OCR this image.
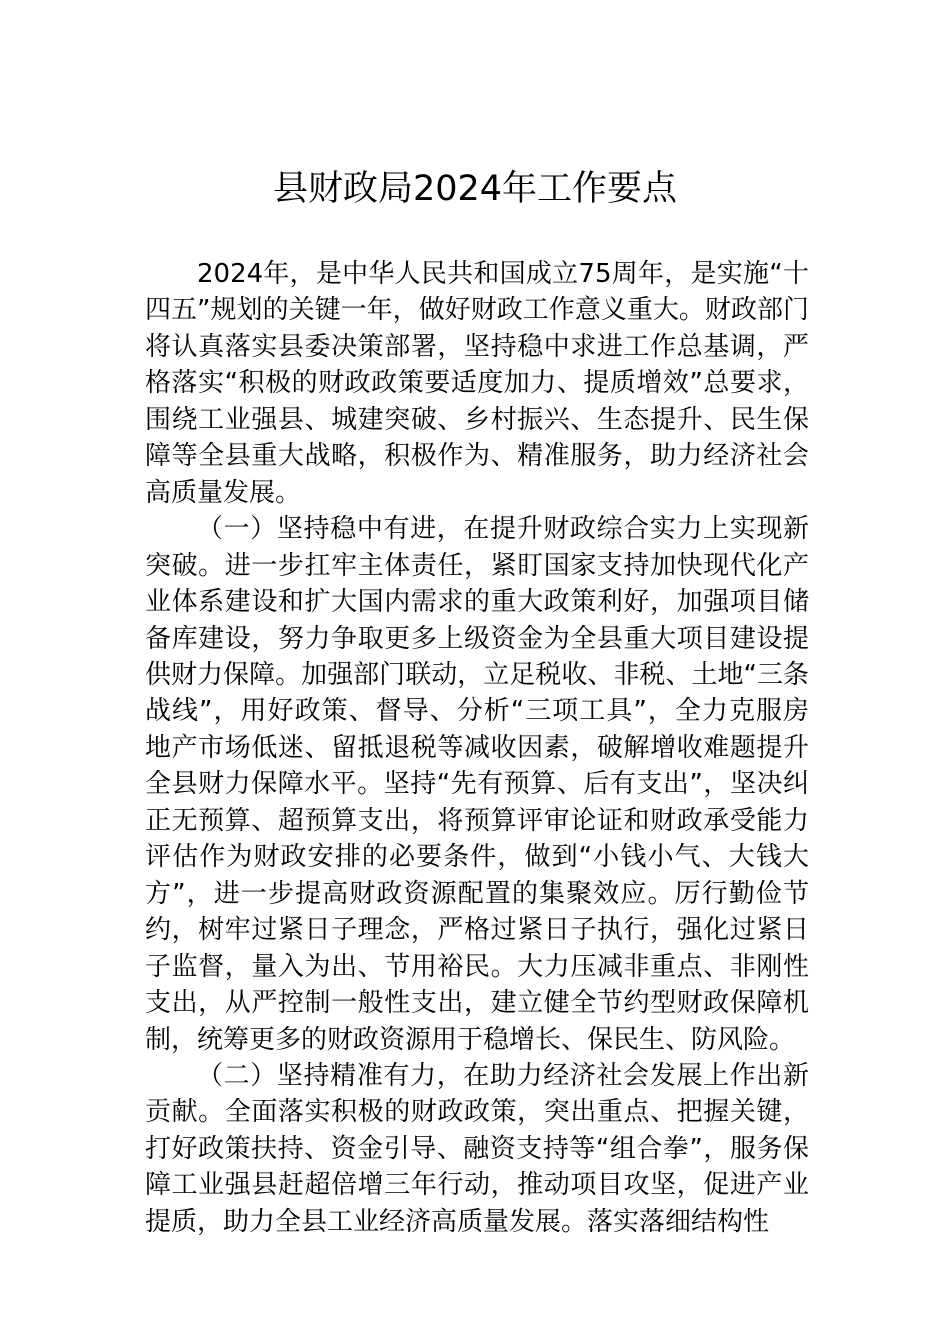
县财政局2024年工作要点

2024年，是中华人民共和国成立75周年，是实施“十四五”规划的关键一年，做好财政工作意义重大。财政部门将认真落实县委决策部署，坚持稳中求进工作总基调，严格落实“积极的财政政策要适度加力、提质增效”总要求，围绕工业强县、城建突破、乡村振兴、生态提升、民生保障等全县重大战略，积极作为、精准服务，助力经济社会高质量发展。

（一）坚持稳中有进，在提升财政综合实力上实现新突破。进一步扛牢主体责任，紧盯国家支持加快现代化产业体系建设和扩大国内需求的重大政策利好，加强项目储备库建设，努力争取更多上级资金为全县重大项目建设提供财力保障。加强部门联动，立足税收、非税、土地“三条战线”，用好政策、督导、分析“三项工具”，全力克服房地产市场低迷、留抵退税等减收因素，破解增收难题提升全县财力保障水平。坚持“先有预算、后有支出”，坚决纠正无预算、超预算支出，将预算评审论证和财政承受能力评估作为财政安排的必要条件，做到“小钱小气、大钱大方”，进一步提高财政资源配置的集聚效应。厉行勤俭节约，树牢过紧日子理念，严格过紧日子执行，强化过紧日子监督，量入为出、节用裕民。大力压减非重点、非刚性支出，从严控制一般性支出，建立健全节约型财政保障机制，统筹更多的财政资源用于稳增长、保民生、防风险。

（二）坚持精准有力，在助力经济社会发展上作出新贡献。全面落实积极的财政政策，突出重点、把握关键，打好政策扶持、资金引导、融资支持等“组合拳”，服务保障工业强县赶超倍增三年行动，推动项目攻坚，促进产业提质，助力全县工业经济高质量发展。落实落细结构性
